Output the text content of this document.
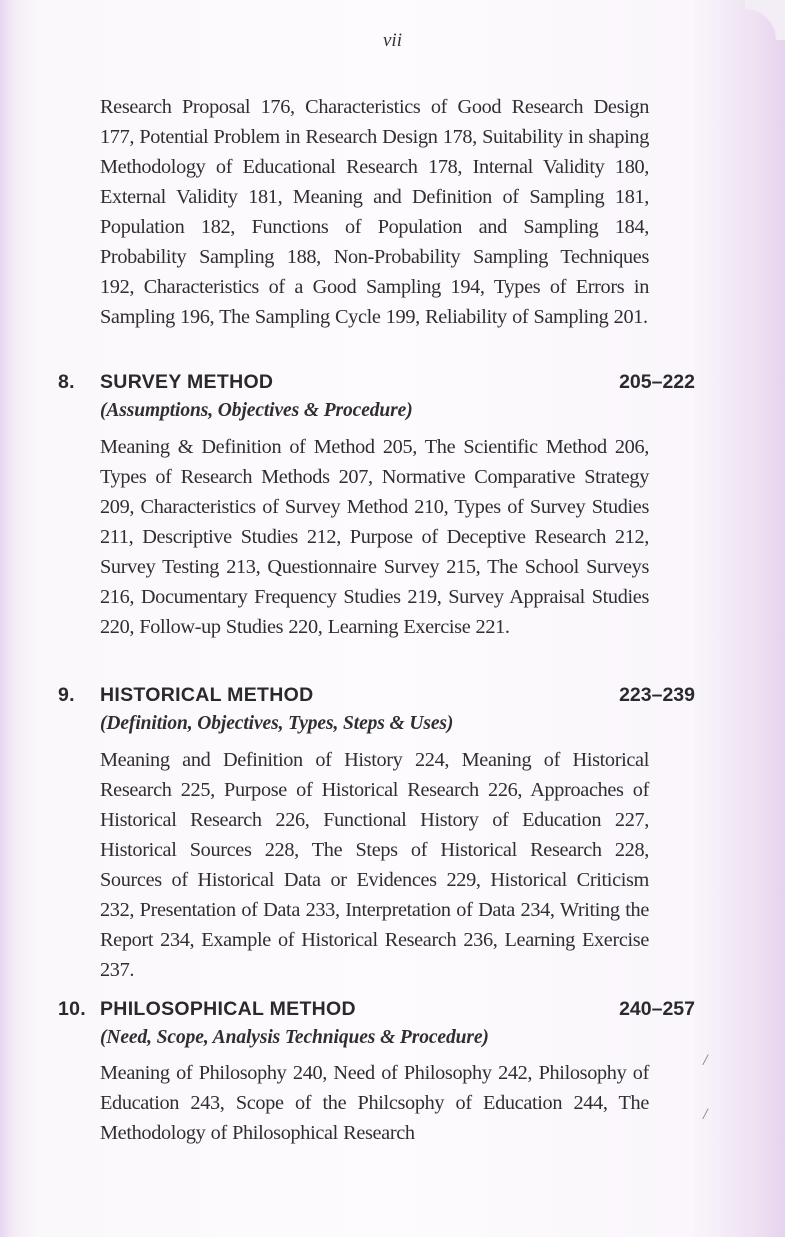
vii
Research Proposal 176, Characteristics of Good Research Design 177, Potential Problem in Research Design 178, Suitability in shaping Methodology of Educational Research 178, Internal Validity 180, External Validity 181, Meaning and Definition of Sampling 181, Population 182, Functions of Population and Sampling 184, Probability Sampling 188, Non-Probability Sampling Techniques 192, Characteristics of a Good Sampling 194, Types of Errors in Sampling 196, The Sampling Cycle 199, Reliability of Sampling 201.
8. SURVEY METHOD	205–222
(Assumptions, Objectives & Procedure)
Meaning & Definition of Method 205, The Scientific Method 206, Types of Research Methods 207, Normative Comparative Strategy 209, Characteristics of Survey Method 210, Types of Survey Studies 211, Descriptive Studies 212, Purpose of Deceptive Research 212, Survey Testing 213, Questionnaire Survey 215, The School Surveys 216, Documentary Frequency Studies 219, Survey Appraisal Studies 220, Follow-up Studies 220, Learning Exercise 221.
9. HISTORICAL METHOD	223–239
(Definition, Objectives, Types, Steps & Uses)
Meaning and Definition of History 224, Meaning of Historical Research 225, Purpose of Historical Research 226, Approaches of Historical Research 226, Functional History of Education 227, Historical Sources 228, The Steps of Historical Research 228, Sources of Historical Data or Evidences 229, Historical Criticism 232, Presentation of Data 233, Interpretation of Data 234, Writing the Report 234, Example of Historical Research 236, Learning Exercise 237.
10. PHILOSOPHICAL METHOD	240–257
(Need, Scope, Analysis Techniques & Procedure)
Meaning of Philosophy 240, Need of Philosophy 242, Philosophy of Education 243, Scope of the Philcsophy of Education 244, The Methodology of Philosophical Research
/
/
